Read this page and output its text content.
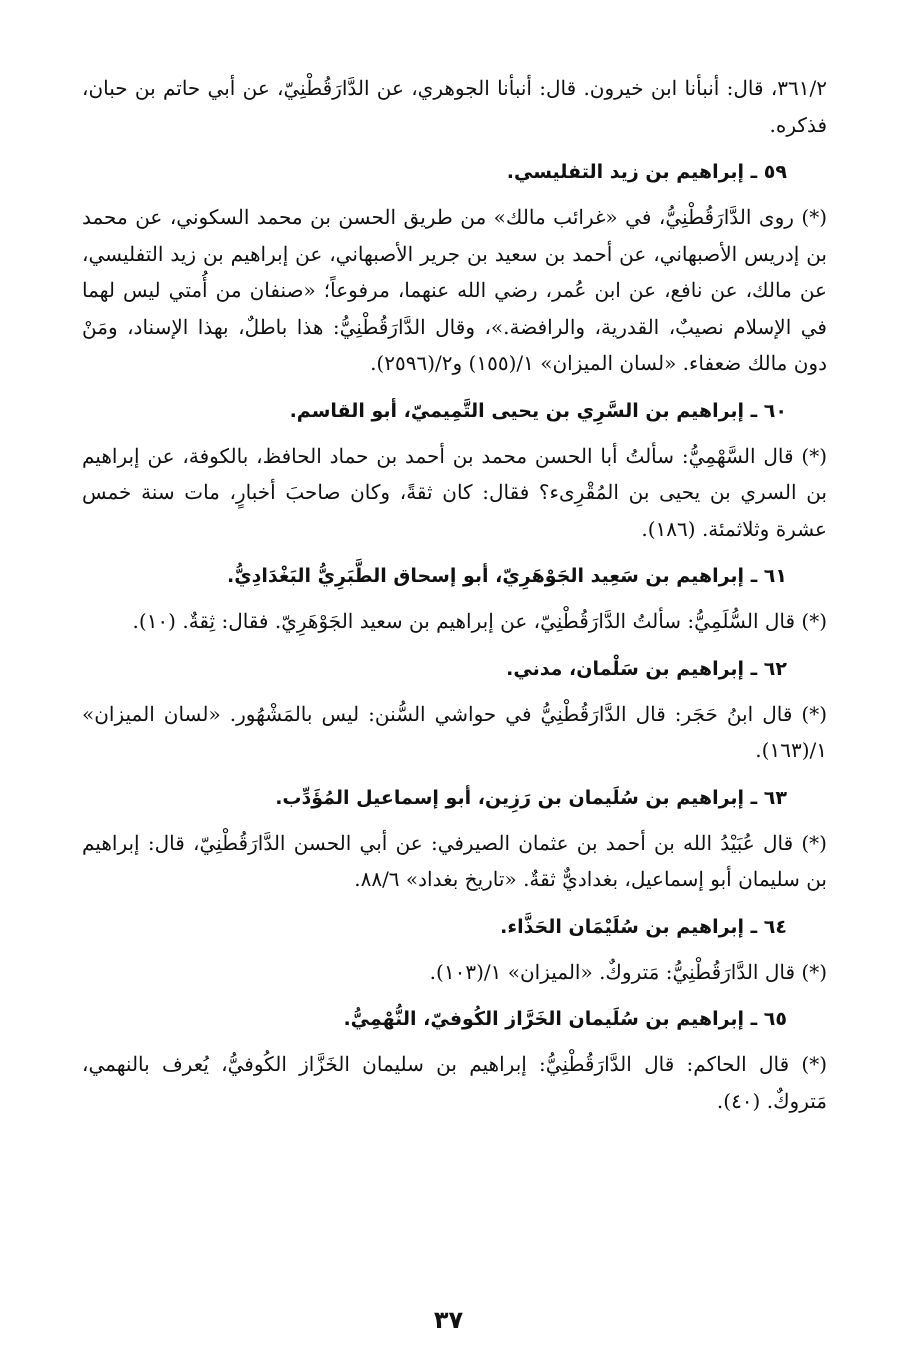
٣٦١/٢، قال: أنبأنا ابن خيرون. قال: أنبأنا الجوهري، عن الدَّارَقُطْنِيّ، عن أبي حاتم بن حبان، فذكره.

٥٩ ـ إبراهيم بن زيد التفليسي.

(*) روى الدَّارَقُطْنِيُّ، في «غرائب مالك» من طريق الحسن بن محمد السكوني، عن محمد بن إدريس الأصبهاني، عن أحمد بن سعيد بن جرير الأصبهاني، عن إبراهيم بن زيد التفليسي، عن مالك، عن نافع، عن ابن عُمر، رضي الله عنهما، مرفوعاً؛ «صنفان من أُمتي ليس لهما في الإسلام نصيبٌ، القدرية، والرافضة.»، وقال الدَّارَقُطْنِيُّ: هذا باطلٌ، بهذا الإسناد، ومَنْ دون مالك ضعفاء. «لسان الميزان» ١/(١٥٥) و٢/(٢٥٩٦).

٦٠ ـ إبراهيم بن السَّرِي بن يحيى التَّمِيميّ، أبو القاسم.

(*) قال السَّهْمِيُّ: سألتُ أبا الحسن محمد بن أحمد بن حماد الحافظ، بالكوفة، عن إبراهيم بن السري بن يحيى بن المُقْرِىء؟ فقال: كان ثقةً، وكان صاحبَ أخبارٍ، مات سنة خمس عشرة وثلاثمئة. (١٨٦).

٦١ ـ إبراهيم بن سَعِيد الجَوْهَرِيّ، أبو إسحاق الطَّبَرِيُّ البَغْدَادِيُّ.

(*) قال السُّلَمِيُّ: سألتُ الدَّارَقُطْنِيّ، عن إبراهيم بن سعيد الجَوْهَرِيّ. فقال: ثِقةٌ. (١٠).

٦٢ ـ إبراهيم بن سَلْمان، مدني.

(*) قال ابنُ حَجَر: قال الدَّارَقُطْنِيُّ في حواشي السُّنن: ليس بالمَشْهُور. «لسان الميزان» ١/(١٦٣).

٦٣ ـ إبراهيم بن سُلَيمان بن رَزِين، أبو إسماعيل المُؤَدِّب.

(*) قال عُبَيْدُ الله بن أحمد بن عثمان الصيرفي: عن أبي الحسن الدَّارَقُطْنِيّ، قال: إبراهيم بن سليمان أبو إسماعيل، بغداديٌّ ثقةٌ. «تاريخ بغداد» ٨٨/٦.

٦٤ ـ إبراهيم بن سُلَيْمَان الحَذَّاء.

(*) قال الدَّارَقُطْنِيُّ: مَتروكٌ. «الميزان» ١/(١٠٣).

٦٥ ـ إبراهيم بن سُلَيمان الخَرَّاز الكُوفيّ، النُّهْمِيُّ.

(*) قال الحاكم: قال الدَّارَقُطْنِيُّ: إبراهيم بن سليمان الخَزَّاز الكُوفيُّ، يُعرف بالنهمي، مَتروكٌ. (٤٠).

٣٧
